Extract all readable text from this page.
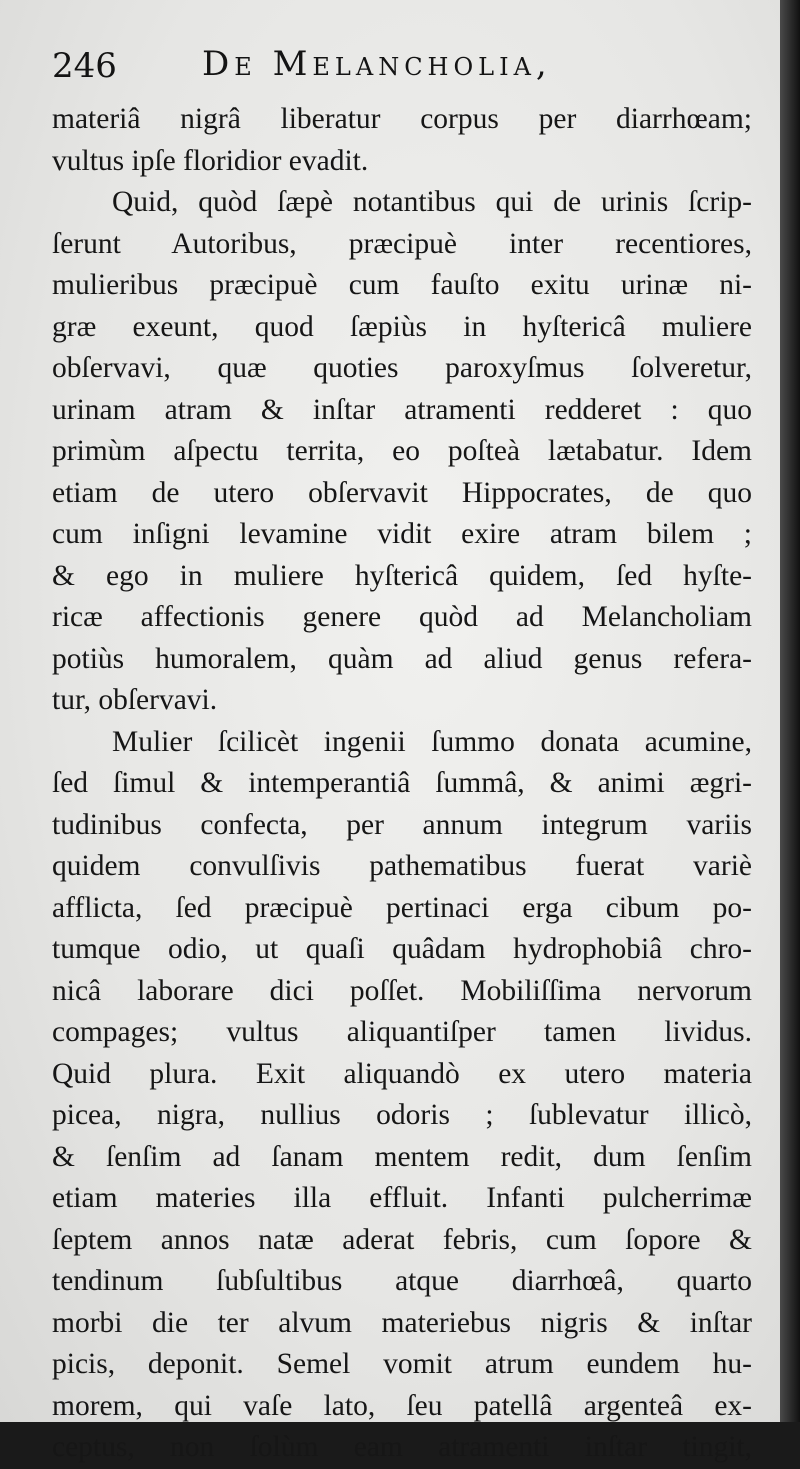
246	De Melancholia,
materiâ nigrâ liberatur corpus per diarrhœam;
vultus ipſe floridior evadit.
Quid, quòd ſæpè notantibus qui de urinis ſcrip-
ſerunt Autoribus, præcipuè inter recentiores,
mulieribus præcipuè cum fauſto exitu urinæ ni-
græ exeunt, quod ſæpiùs in hyſtericâ muliere
obſervavi, quæ quoties paroxyſmus ſolveretur,
urinam atram & inſtar atramenti redderet : quo
primùm aſpectu territa, eo poſteà lætabatur. Idem
etiam de utero obſervavit Hippocrates, de quo
cum inſigni levamine vidit exire atram bilem ;
& ego in muliere hyſtericâ quidem, ſed hyſte-
ricæ affectionis genere quòd ad Melancholiam
potiùs humoralem, quàm ad aliud genus refera-
tur, obſervavi.
Mulier ſcilicèt ingenii ſummo donata acumine,
ſed ſimul & intemperantiâ ſummâ, & animi ægri-
tudinibus confecta, per annum integrum variis
quidem convulſivis pathematibus fuerat variè
afflicta, ſed præcipuè pertinaci erga cibum po-
tumque odio, ut quaſi quâdam hydrophobiâ chro-
nicâ laborare dici poſſet. Mobiliſſima nervorum
compages; vultus aliquantiſper tamen lividus.
Quid plura. Exit aliquandò ex utero materia
picea, nigra, nullius odoris ; ſublevatur illicò,
& ſenſim ad ſanam mentem redit, dum ſenſim
etiam materies illa effluit. Infanti pulcherrimæ
ſeptem annos natæ aderat febris, cum ſopore &
tendinum ſubſultibus atque diarrhœâ, quarto
morbi die ter alvum materiebus nigris & inſtar
picis, deponit. Semel vomit atrum eundem hu-
morem, qui vaſe lato, ſeu patellâ argenteâ ex-
ceptus, non ſolùm eam atramenti inſtar tingit,
